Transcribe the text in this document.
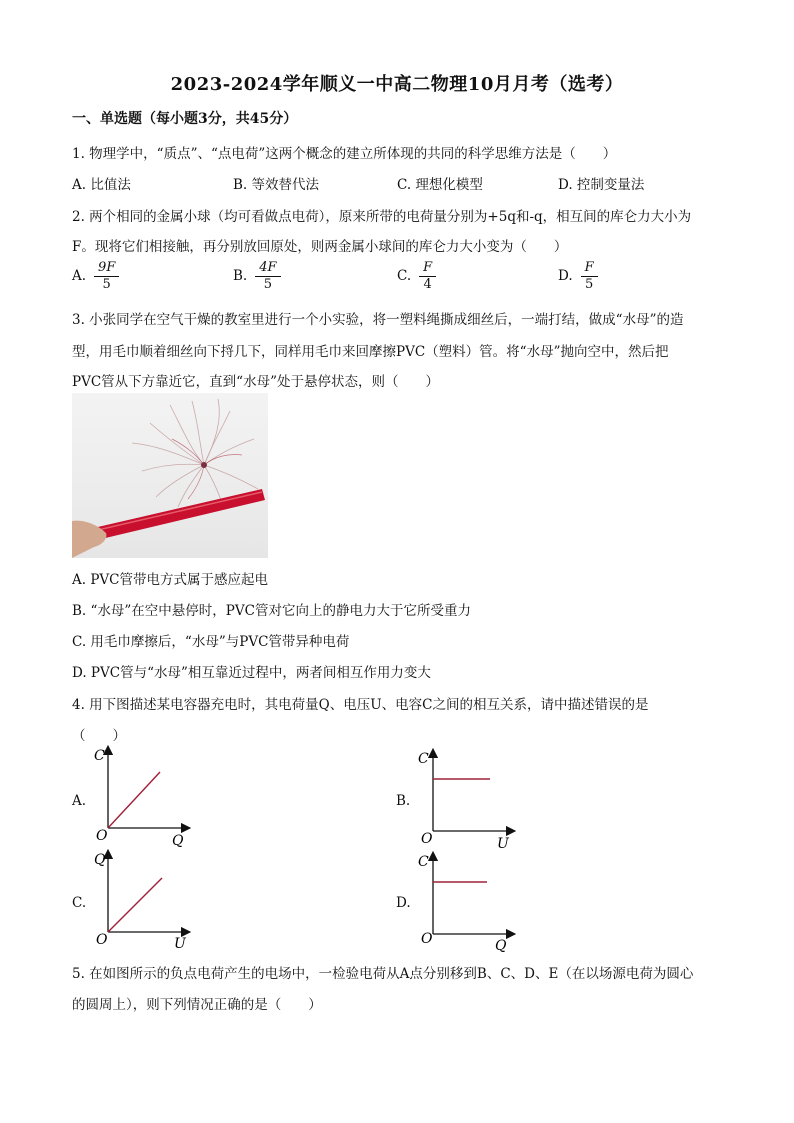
2023-2024学年顺义一中高二物理10月月考（选考）
一、单选题（每小题3分，共45分）
1. 物理学中，“质点”、“点电荷”这两个概念的建立所体现的共同的科学思维方法是（　　）
A. 比值法	B. 等效替代法	C. 理想化模型	D. 控制变量法
2. 两个相同的金属小球（均可看做点电荷），原来所带的电荷量分别为+5q和-q，相互间的库仑力大小为
F。现将它们相接触，再分别放回原处，则两金属小球间的库仑力大小变为（　　）
A. $\frac{9F}{5}$	B. $\frac{4F}{5}$	C. $\frac{F}{4}$	D. $\frac{F}{5}$
3. 小张同学在空气干燥的教室里进行一个小实验，将一塑料绳撕成细丝后，一端打结，做成“水母”的造
型，用毛巾顺着细丝向下捋几下，同样用毛巾来回摩擦PVC（塑料）管。将“水母”抛向空中，然后把
PVC管从下方靠近它，直到“水母”处于悬停状态，则（　　）
A. PVC管带电方式属于感应起电
B. “水母”在空中悬停时，PVC管对它向上的静电力大于它所受重力
C. 用毛巾摩擦后，“水母”与PVC管带异种电荷
D. PVC管与“水母”相互靠近过程中，两者间相互作用力变大
4. 用下图描述某电容器充电时，其电荷量Q、电压U、电容C之间的相互关系，请中描述错误的是
（　　）
A.
C
O	Q
B.
C
O	U
C.
Q
O	U
D.
C
O	Q
5. 在如图所示的负点电荷产生的电场中，一检验电荷从A点分别移到B、C、D、E（在以场源电荷为圆心
的圆周上），则下列情况正确的是（　　）
